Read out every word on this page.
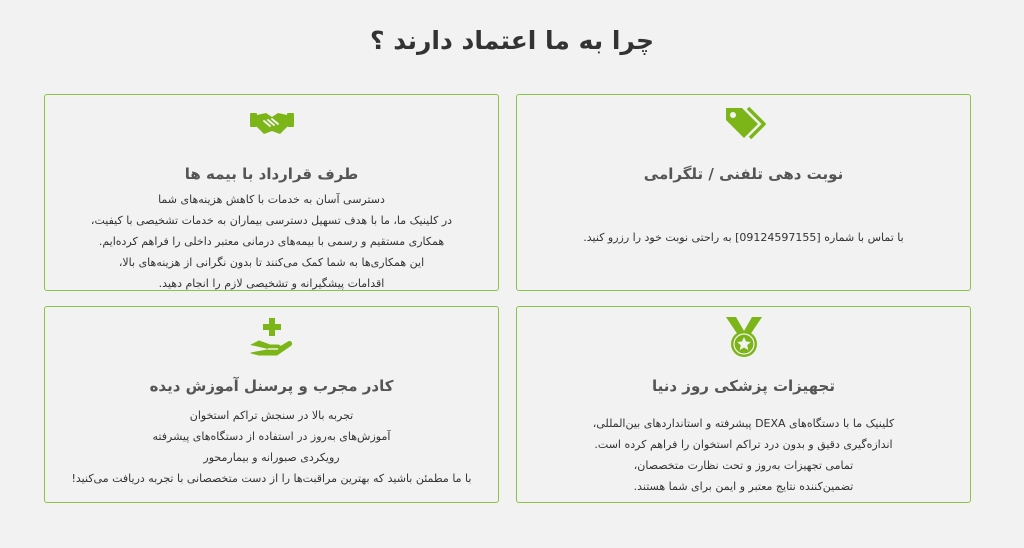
چرا به ما اعتماد دارند ؟
نوبت دهی تلفنی / تلگرامی
با تماس با شماره [09124597155] به راحتی نوبت خود را رزرو کنید.
طرف قرارداد با بیمه ها
دسترسی آسان به خدمات با کاهش هزینه‌های شما
در کلینیک ما، ما با هدف تسهیل دسترسی بیماران به خدمات تشخیصی با کیفیت،
همکاری مستقیم و رسمی با بیمه‌های درمانی معتبر داخلی را فراهم کرده‌ایم.
این همکاری‌ها به شما کمک می‌کنند تا بدون نگرانی از هزینه‌های بالا،
اقدامات پیشگیرانه و تشخیصی لازم را انجام دهید.
تجهیزات پزشکی روز دنیا
کلینیک ما با دستگاه‌های DEXA پیشرفته و استانداردهای بین‌المللی،
اندازه‌گیری دقیق و بدون درد تراکم استخوان را فراهم کرده است.
تمامی تجهیزات به‌روز و تحت نظارت متخصصان،
تضمین‌کننده نتایج معتبر و ایمن برای شما هستند.
کادر مجرب و پرسنل آموزش دیده
تجربه بالا در سنجش تراکم استخوان
آموزش‌های به‌روز در استفاده از دستگاه‌های پیشرفته
رویکردی صبورانه و بیمارمحور
با ما مطمئن باشید که بهترین مراقبت‌ها را از دست متخصصانی با تجربه دریافت می‌کنید!
